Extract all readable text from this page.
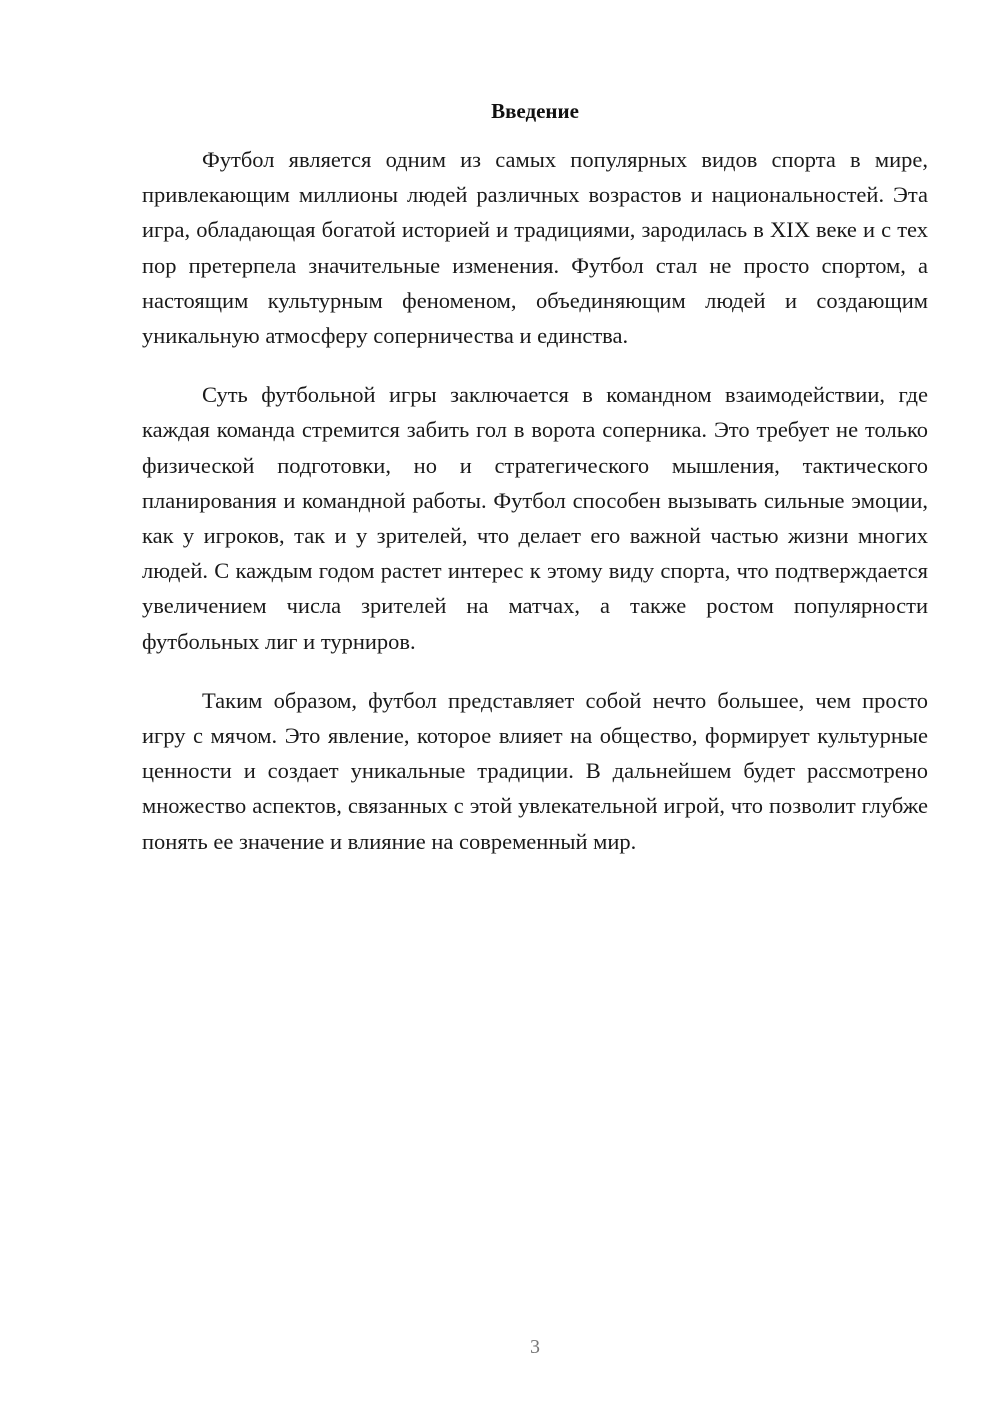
Введение

Футбол является одним из самых популярных видов спорта в мире, привлекающим миллионы людей различных возрастов и национальностей. Эта игра, обладающая богатой историей и традициями, зародилась в XIX веке и с тех пор претерпела значительные изменения. Футбол стал не просто спортом, а настоящим культурным феноменом, объединяющим людей и создающим уникальную атмосферу соперничества и единства.

Суть футбольной игры заключается в командном взаимодействии, где каждая команда стремится забить гол в ворота соперника. Это требует не только физической подготовки, но и стратегического мышления, тактического планирования и командной работы. Футбол способен вызывать сильные эмоции, как у игроков, так и у зрителей, что делает его важной частью жизни многих людей. С каждым годом растет интерес к этому виду спорта, что подтверждается увеличением числа зрителей на матчах, а также ростом популярности футбольных лиг и турниров.

Таким образом, футбол представляет собой нечто большее, чем просто игру с мячом. Это явление, которое влияет на общество, формирует культурные ценности и создает уникальные традиции. В дальнейшем будет рассмотрено множество аспектов, связанных с этой увлекательной игрой, что позволит глубже понять ее значение и влияние на современный мир.

3
